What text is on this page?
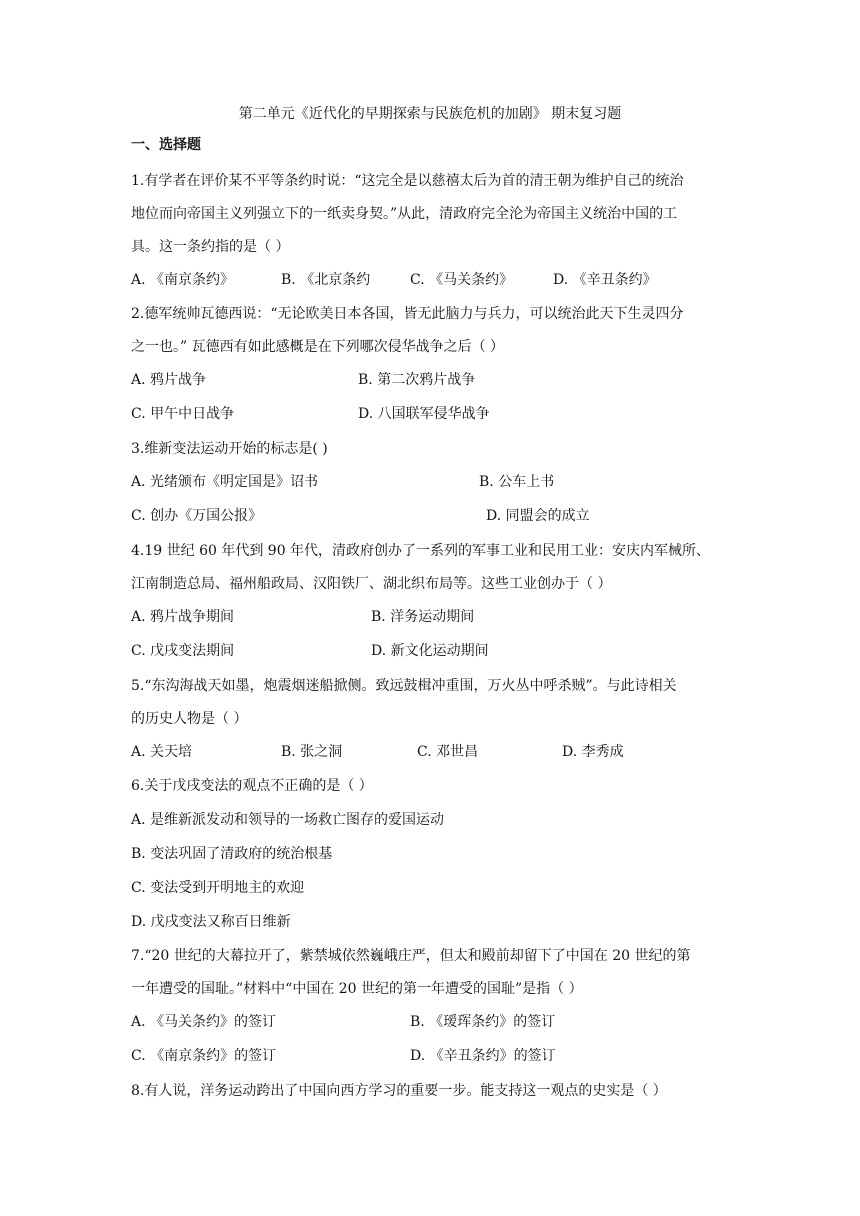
第二单元《近代化的早期探索与民族危机的加剧》 期末复习题
一、选择题
1.有学者在评价某不平等条约时说：“这完全是以慈禧太后为首的清王朝为维护自己的统治
地位而向帝国主义列强立下的一纸卖身契。”从此，清政府完全沦为帝国主义统治中国的工
具。这一条约指的是（ ）
A. 《南京条约》	B. 《北京条约	C. 《马关条约》	D. 《辛丑条约》
2.德军统帅瓦德西说：“无论欧美日本各国，皆无此脑力与兵力，可以统治此天下生灵四分
之一也。” 瓦德西有如此感概是在下列哪次侵华战争之后（ ）
A. 鸦片战争	B. 第二次鸦片战争
C. 甲午中日战争	D. 八国联军侵华战争
3.维新变法运动开始的标志是( )
A. 光绪颁布《明定国是》诏书	B. 公车上书
C. 创办《万国公报》	D. 同盟会的成立
4.19 世纪 60 年代到 90 年代，清政府创办了一系列的军事工业和民用工业：安庆内军械所、
江南制造总局、福州船政局、汉阳铁厂、湖北织布局等。这些工业创办于（ ）
A. 鸦片战争期间	B. 洋务运动期间
C. 戊戌变法期间	D. 新文化运动期间
5.“东沟海战天如墨，炮震烟迷船掀侧。致远鼓楫冲重围，万火丛中呼杀贼”。与此诗相关
的历史人物是（ ）
A. 关天培	B. 张之洞	C. 邓世昌	D. 李秀成
6.关于戊戌变法的观点不正确的是（ ）
A. 是维新派发动和领导的一场救亡图存的爱国运动
B. 变法巩固了清政府的统治根基
C. 变法受到开明地主的欢迎
D. 戊戌变法又称百日维新
7.“20 世纪的大幕拉开了，紫禁城依然巍峨庄严，但太和殿前却留下了中国在 20 世纪的第
一年遭受的国耻。”材料中“中国在 20 世纪的第一年遭受的国耻”是指（ ）
A. 《马关条约》的签订	B. 《瑷珲条约》的签订
C. 《南京条约》的签订	D. 《辛丑条约》的签订
8.有人说，洋务运动跨出了中国向西方学习的重要一步。能支持这一观点的史实是（ ）
